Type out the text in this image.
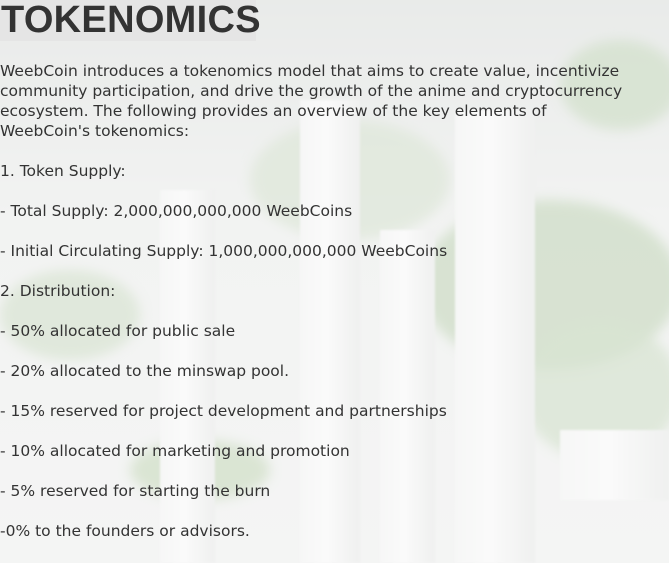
TOKENOMICS

WeebCoin introduces a tokenomics model that aims to create value, incentivize community participation, and drive the growth of the anime and cryptocurrency ecosystem. The following provides an overview of the key elements of WeebCoin's tokenomics:

1. Token Supply:

- Total Supply: 2,000,000,000,000 WeebCoins

- Initial Circulating Supply: 1,000,000,000,000 WeebCoins

2. Distribution:

- 50% allocated for public sale

- 20% allocated to the minswap pool.

- 15% reserved for project development and partnerships

- 10% allocated for marketing and promotion

- 5% reserved for starting the burn

-0% to the founders or advisors.
